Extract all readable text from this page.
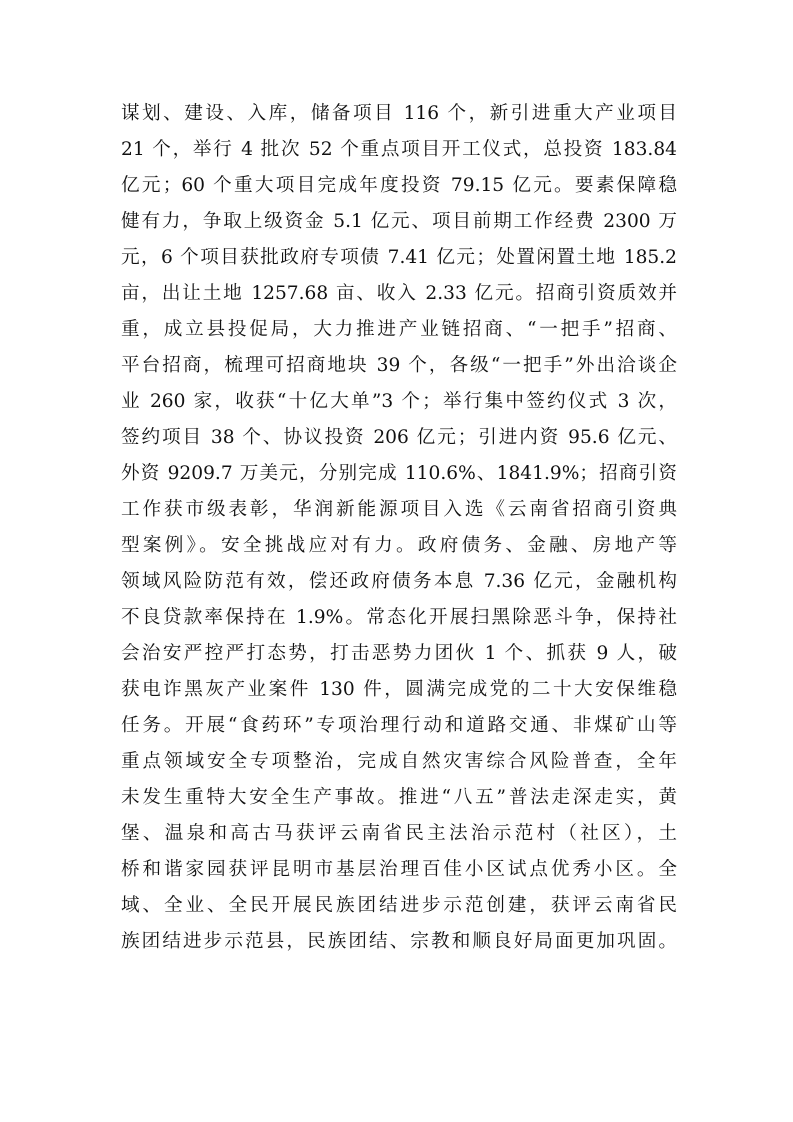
谋划、建设、入库，储备项目 116 个，新引进重大产业项目
21 个，举行 4 批次 52 个重点项目开工仪式，总投资 183.84
亿元；60 个重大项目完成年度投资 79.15 亿元。要素保障稳
健有力，争取上级资金 5.1 亿元、项目前期工作经费 2300 万
元，6 个项目获批政府专项债 7.41 亿元；处置闲置土地 185.2
亩，出让土地 1257.68 亩、收入 2.33 亿元。招商引资质效并
重，成立县投促局，大力推进产业链招商、“一把手”招商、
平台招商，梳理可招商地块 39 个，各级“一把手”外出洽谈企
业 260 家，收获“十亿大单”3 个；举行集中签约仪式 3 次，
签约项目 38 个、协议投资 206 亿元；引进内资 95.6 亿元、
外资 9209.7 万美元，分别完成 110.6%、1841.9%；招商引资
工作获市级表彰，华润新能源项目入选《云南省招商引资典
型案例》。安全挑战应对有力。政府债务、金融、房地产等
领域风险防范有效，偿还政府债务本息 7.36 亿元，金融机构
不良贷款率保持在 1.9%。常态化开展扫黑除恶斗争，保持社
会治安严控严打态势，打击恶势力团伙 1 个、抓获 9 人，破
获电诈黑灰产业案件 130 件，圆满完成党的二十大安保维稳
任务。开展“食药环”专项治理行动和道路交通、非煤矿山等
重点领域安全专项整治，完成自然灾害综合风险普查，全年
未发生重特大安全生产事故。推进“八五”普法走深走实，黄
堡、温泉和高古马获评云南省民主法治示范村（社区），土
桥和谐家园获评昆明市基层治理百佳小区试点优秀小区。全
域、全业、全民开展民族团结进步示范创建，获评云南省民
族团结进步示范县，民族团结、宗教和顺良好局面更加巩固。
